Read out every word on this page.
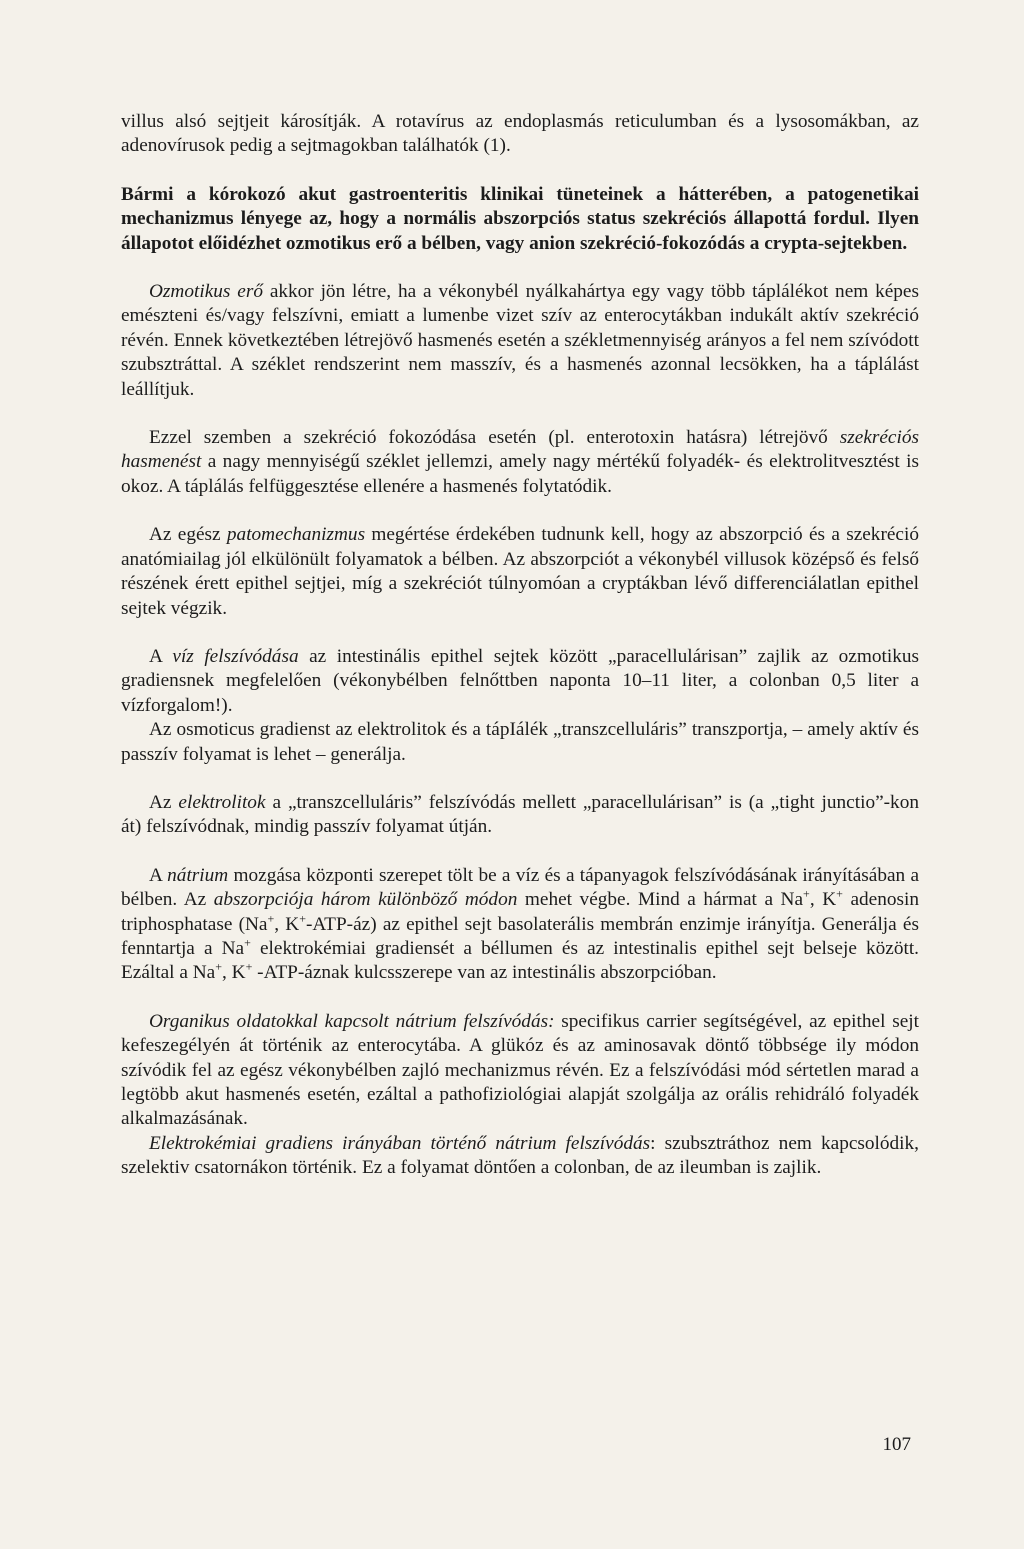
villus alsó sejtjeit károsítják. A rotavírus az endoplasmás reticulumban és a lysosomákban, az adenovírusok pedig a sejtmagokban találhatók (1).

Bármi a kórokozó akut gastroenteritis klinikai tüneteinek a hátterében, a patogenetikai mechanizmus lényege az, hogy a normális abszorpciós status szekréciós állapottá fordul. Ilyen állapotot előidézhet ozmotikus erő a bélben, vagy anion szekréció-fokozódás a crypta-sejtekben.

Ozmotikus erő akkor jön létre, ha a vékonybél nyálkahártya egy vagy több táplálékot nem képes emészteni és/vagy felszívni, emiatt a lumenbe vizet szív az enterocytákban indukált aktív szekréció révén. Ennek következtében létrejövő hasmenés esetén a székletmennyiség arányos a fel nem szívódott szubsztráttal. A széklet rendszerint nem masszív, és a hasmenés azonnal lecsökken, ha a táplálást leállítjuk.

Ezzel szemben a szekréció fokozódása esetén (pl. enterotoxin hatásra) létrejövő szekréciós hasmenést a nagy mennyiségű széklet jellemzi, amely nagy mértékű folyadék- és elektrolitvesztést is okoz. A táplálás felfüggesztése ellenére a hasmenés folytatódik.

Az egész patomechanizmus megértése érdekében tudnunk kell, hogy az abszorpció és a szekréció anatómiailag jól elkülönült folyamatok a bélben. Az abszorpciót a vékonybél villusok középső és felső részének érett epithel sejtjei, míg a szekréciót túlnyomóan a cryptákban lévő differenciálatlan epithel sejtek végzik.

A víz felszívódása az intestinális epithel sejtek között „paracellulárisan” zajlik az ozmotikus gradiensnek megfelelően (vékonybélben felnőttben naponta 10–11 liter, a colonban 0,5 liter a vízforgalom!).

Az osmoticus gradienst az elektrolitok és a tápIálék „transzcelluláris” transzportja, – amely aktív és passzív folyamat is lehet – generálja.

Az elektrolitok a „transzcelluláris” felszívódás mellett „paracellulárisan” is (a „tight junctio”-kon át) felszívódnak, mindig passzív folyamat útján.

A nátrium mozgása központi szerepet tölt be a víz és a tápanyagok felszívódásának irányításában a bélben. Az abszorpciója három különböző módon mehet végbe. Mind a hármat a Na+, K+ adenosin triphosphatase (Na+, K+-ATP-áz) az epithel sejt basolaterális membrán enzimje irányítja. Generálja és fenntartja a Na+ elektrokémiai gradiensét a béllumen és az intestinalis epithel sejt belseje között. Ezáltal a Na+, K+ -ATP-áznak kulcsszerepe van az intestinális abszorpcióban.

Organikus oldatokkal kapcsolt nátrium felszívódás: specifikus carrier segítségével, az epithel sejt kefeszegélyén át történik az enterocytába. A glükóz és az aminosavak döntő többsége ily módon szívódik fel az egész vékonybélben zajló mechanizmus révén. Ez a felszívódási mód sértetlen marad a legtöbb akut hasmenés esetén, ezáltal a pathofiziológiai alapját szolgálja az orális rehidráló folyadék alkalmazásának.

Elektrokémiai gradiens irányában történő nátrium felszívódás: szubsztráthoz nem kapcsolódik, szelektiv csatornákon történik. Ez a folyamat döntően a colonban, de az ileumban is zajlik.

107
